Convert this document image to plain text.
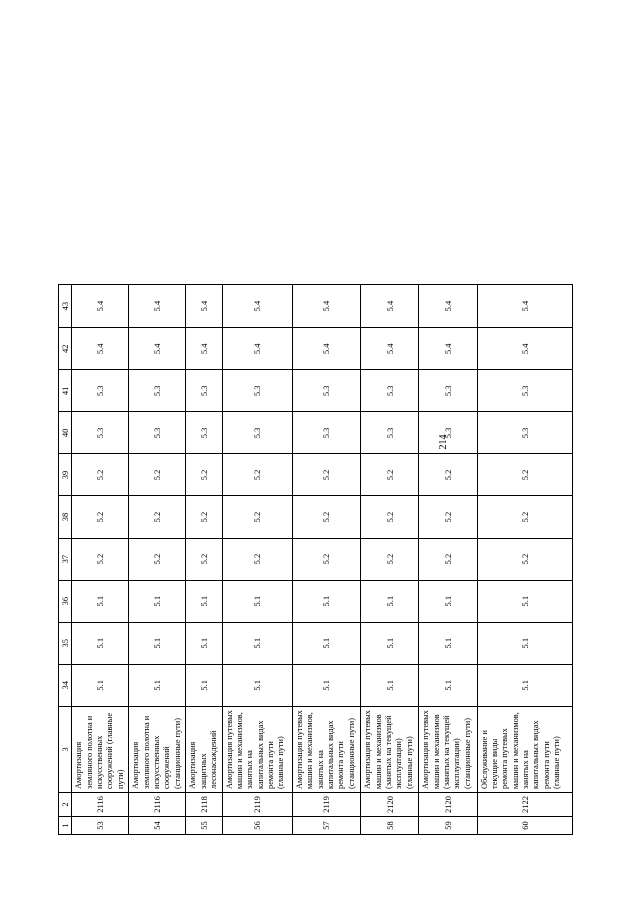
214
1	2	3	34	35	36	37	38	39	40	41	42	43
53	2116	Амортизация земляного полотна и искусственных сооружений (главные пути)	5.1	5.1	5.1	5.2	5.2	5.2	5.3	5.3	5.4	5.4
54	2116	Амортизация земляного полотна и искусственных сооружений (станционные пути)	5.1	5.1	5.1	5.2	5.2	5.2	5.3	5.3	5.4	5.4
55	2118	Амортизация защитных лесонасаждений	5.1	5.1	5.1	5.2	5.2	5.2	5.3	5.3	5.4	5.4
56	2119	Амортизация путевых машин и механизмов, занятых на капитальных видах ремонта пути (главные пути)	5.1	5.1	5.1	5.2	5.2	5.2	5.3	5.3	5.4	5.4
57	2119	Амортизация путевых машин и механизмов, занятых на капитальных видах ремонта пути (станционные пути)	5.1	5.1	5.1	5.2	5.2	5.2	5.3	5.3	5.4	5.4
58	2120	Амортизация путевых машин и механизмов (занятых на текущей эксплуатации) (главные пути)	5.1	5.1	5.1	5.2	5.2	5.2	5.3	5.3	5.4	5.4
59	2120	Амортизация путевых машин и механизмов (занятых на текущей эксплуатации) (станционные пути)	5.1	5.1	5.1	5.2	5.2	5.2	5.3	5.3	5.4	5.4
60	2122	Обслуживание и текущие виды ремонта путевых машин и механизмов, занятых на капитальных видах ремонта пути (главные пути)	5.1	5.1	5.1	5.2	5.2	5.2	5.3	5.3	5.4	5.4
